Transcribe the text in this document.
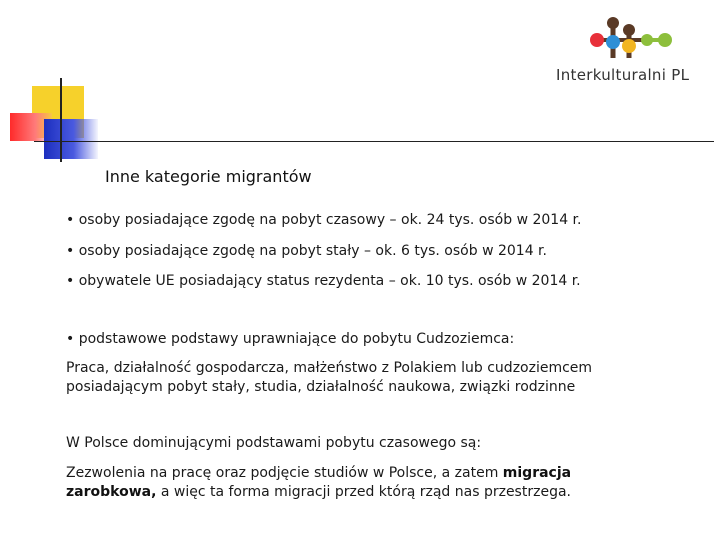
Interkulturalni PL
Inne kategorie migrantów
• osoby posiadające zgodę na pobyt czasowy – ok. 24 tys. osób w 2014 r.
• osoby posiadające zgodę na pobyt stały – ok. 6 tys. osób w 2014 r.
• obywatele UE posiadający status rezydenta – ok. 10 tys. osób w 2014 r.
• podstawowe podstawy uprawniające do pobytu Cudzoziemca:
Praca, działalność gospodarcza, małżeństwo z Polakiem lub cudzoziemcem posiadającym pobyt stały, studia, działalność naukowa, związki rodzinne
W Polsce dominującymi podstawami pobytu czasowego są:
Zezwolenia na pracę oraz podjęcie studiów w Polsce, a zatem migracja zarobkowa, a więc ta forma migracji przed którą rząd nas przestrzega.
